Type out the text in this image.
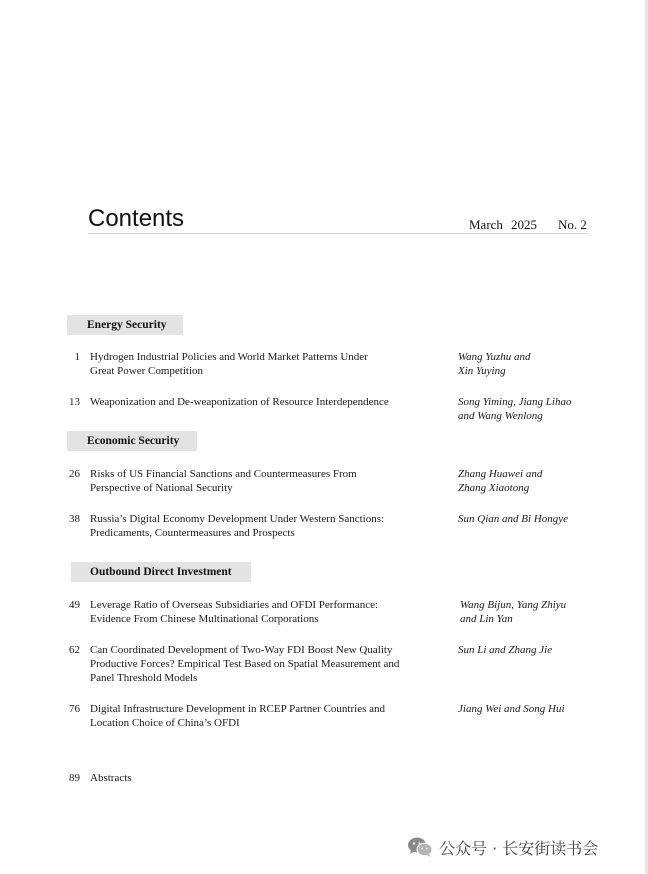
Contents	March 2025 No. 2
Energy Security
1 Hydrogen Industrial Policies and World Market Patterns Under
Great Power Competition
Wang Yuzhu and
Xin Yuying
13 Weaponization and De-weaponization of Resource Interdependence	Song Yiming, Jiang Lihao
and Wang Wenlong
Economic Security
26 Risks of US Financial Sanctions and Countermeasures From
Perspective of National Security
Zhang Huawei and
Zhang Xiaotong
38 Russia’s Digital Economy Development Under Western Sanctions:
Predicaments, Countermeasures and Prospects
Sun Qian and Bi Hongye
Outbound Direct Investment
49 Leverage Ratio of Overseas Subsidiaries and OFDI Performance:
Evidence From Chinese Multinational Corporations
Wang Bijun, Yang Zhiyu
and Lin Yan
62 Can Coordinated Development of Two-Way FDI Boost New Quality
Productive Forces? Empirical Test Based on Spatial Measurement and
Panel Threshold Models
Sun Li and Zhang Jie
76 Digital Infrastructure Development in RCEP Partner Countries and
Location Choice of China’s OFDI
Jiang Wei and Song Hui
89 Abstracts
公众号 · 长安街读书会
